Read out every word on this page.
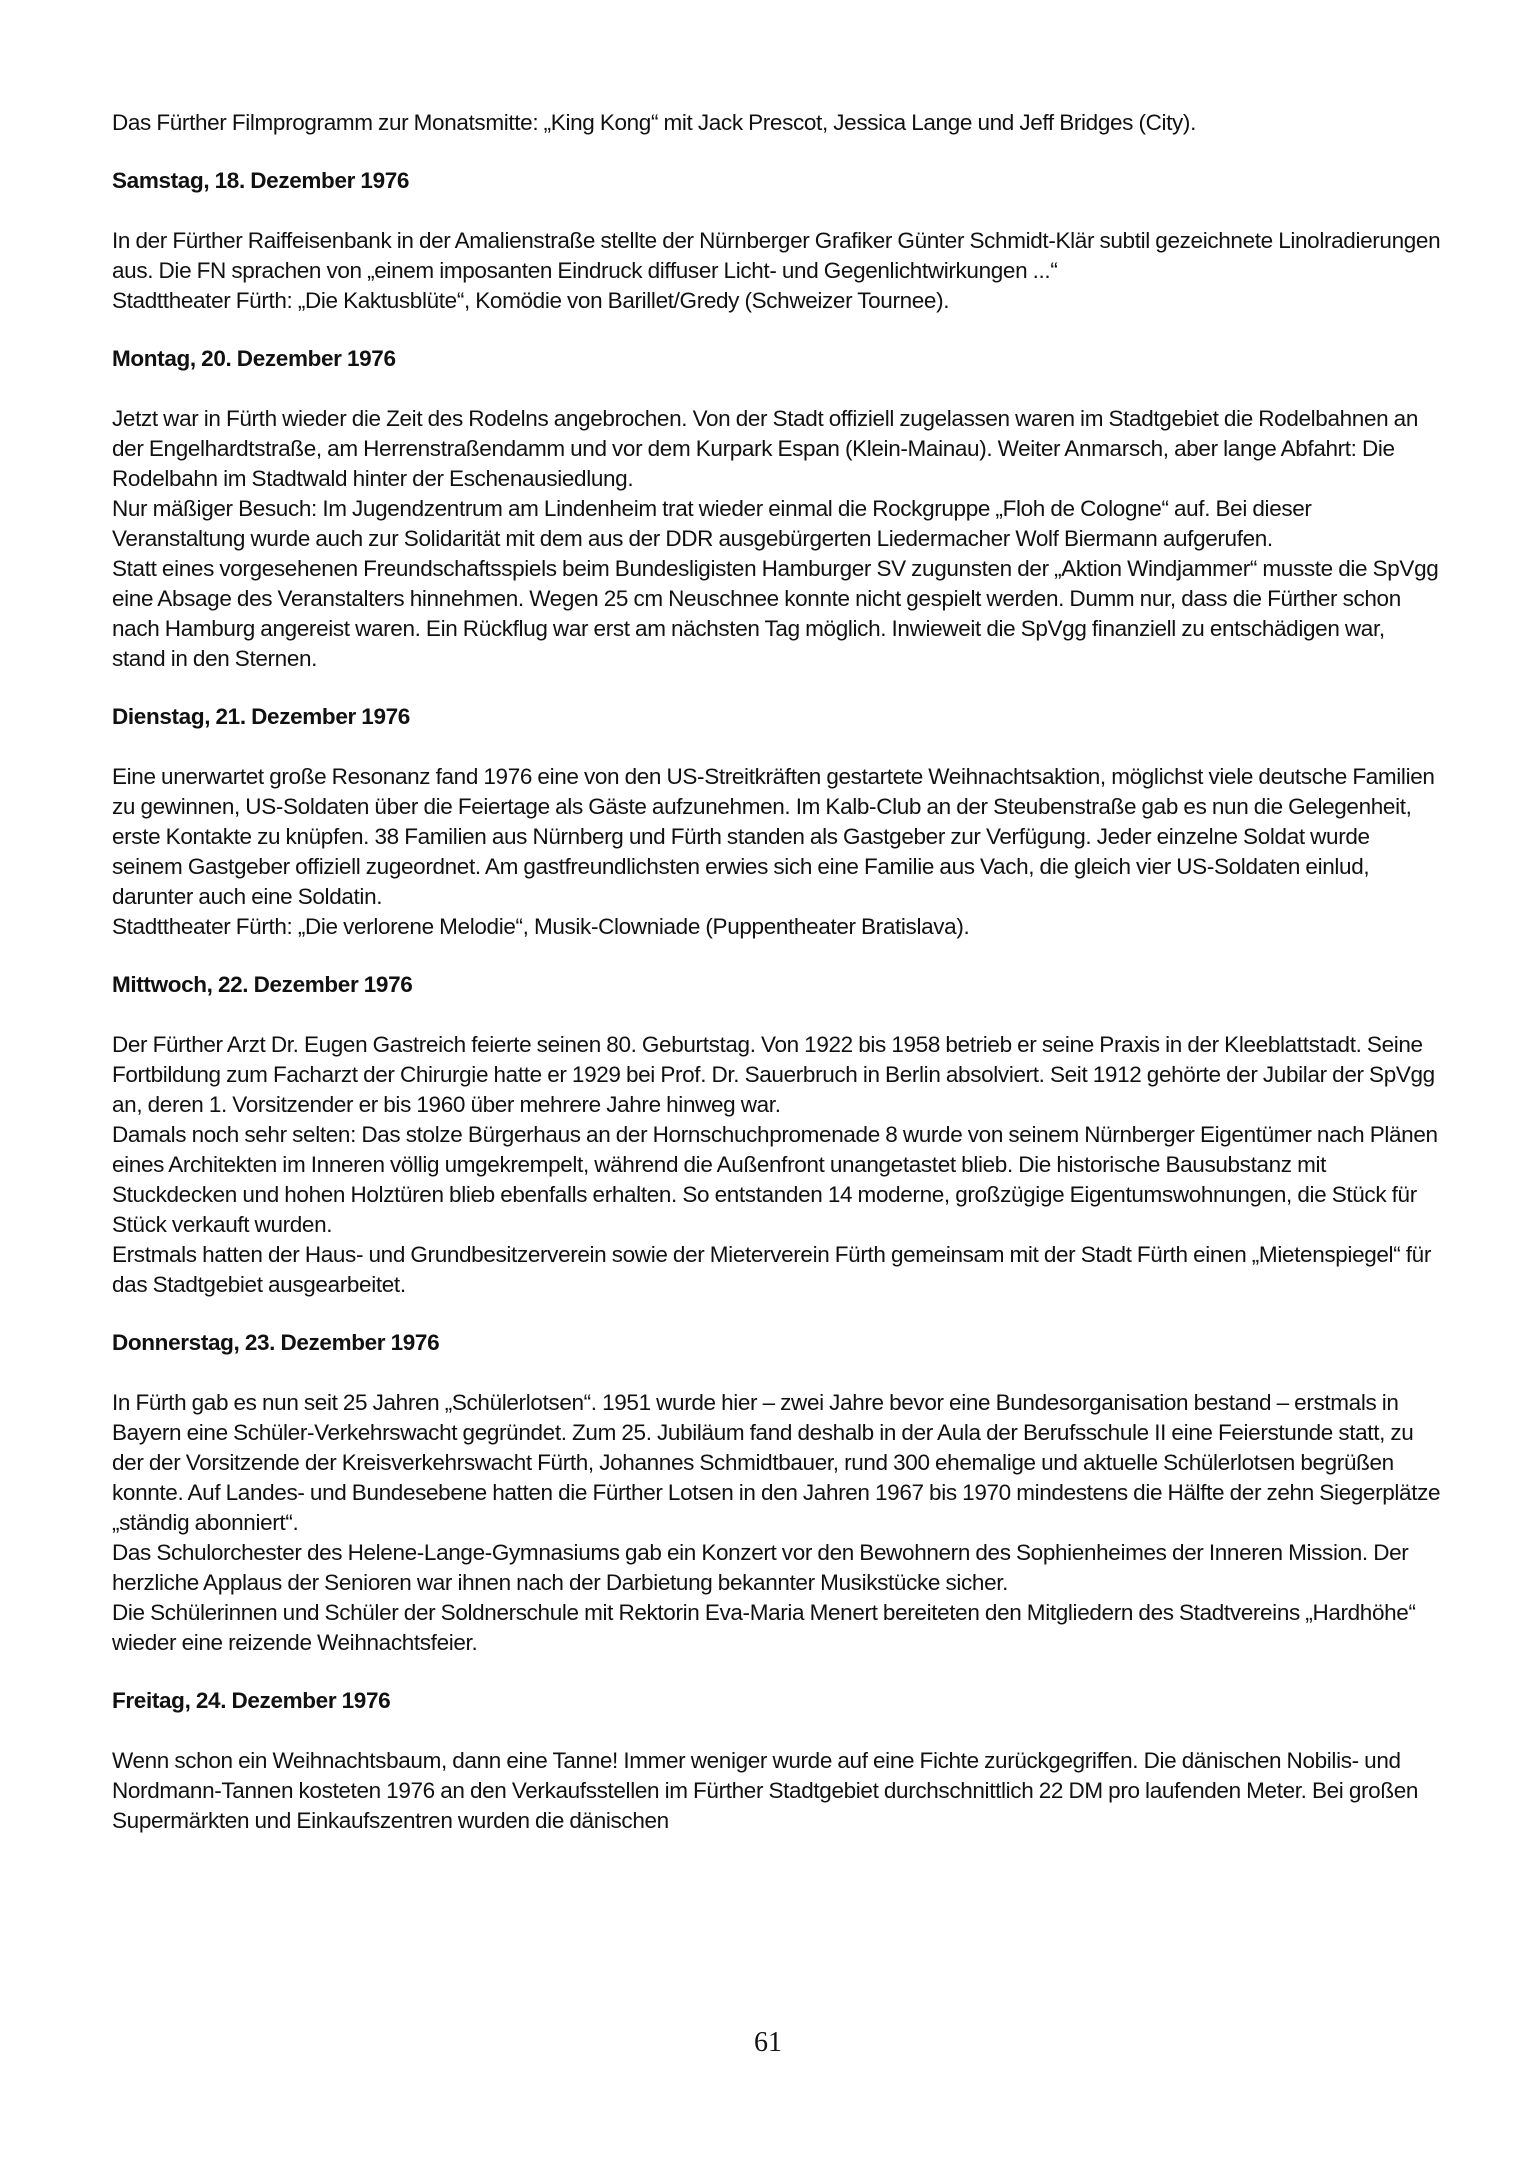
Das Fürther Filmprogramm zur Monatsmitte: „King Kong“ mit Jack Prescot, Jessica Lange und Jeff Bridges (City).

Samstag, 18. Dezember 1976

In der Fürther Raiffeisenbank in der Amalienstraße stellte der Nürnberger Grafiker Günter Schmidt-Klär subtil gezeichnete Linolradierungen aus. Die FN sprachen von „einem imposanten Eindruck diffuser Licht- und Gegenlichtwirkungen ...“

Stadttheater Fürth: „Die Kaktusblüte“, Komödie von Barillet/Gredy (Schweizer Tournee).

Montag, 20. Dezember 1976

Jetzt war in Fürth wieder die Zeit des Rodelns angebrochen. Von der Stadt offiziell zugelassen waren im Stadtgebiet die Rodelbahnen an der Engelhardtstraße, am Herrenstraßendamm und vor dem Kurpark Espan (Klein-Mainau). Weiter Anmarsch, aber lange Abfahrt: Die Rodelbahn im Stadtwald hinter der Eschenausiedlung.

Nur mäßiger Besuch: Im Jugendzentrum am Lindenheim trat wieder einmal die Rockgruppe „Floh de Cologne“ auf. Bei dieser Veranstaltung wurde auch zur Solidarität mit dem aus der DDR ausgebürgerten Liedermacher Wolf Biermann aufgerufen.

Statt eines vorgesehenen Freundschaftsspiels beim Bundesligisten Hamburger SV zugunsten der „Aktion Windjammer“ musste die SpVgg eine Absage des Veranstalters hinnehmen. Wegen 25 cm Neuschnee konnte nicht gespielt werden. Dumm nur, dass die Fürther schon nach Hamburg angereist waren. Ein Rückflug war erst am nächsten Tag möglich. Inwieweit die SpVgg finanziell zu entschädigen war, stand in den Sternen.

Dienstag, 21. Dezember 1976

Eine unerwartet große Resonanz fand 1976 eine von den US-Streitkräften gestartete Weihnachtsaktion, möglichst viele deutsche Familien zu gewinnen, US-Soldaten über die Feiertage als Gäste aufzunehmen. Im Kalb-Club an der Steubenstraße gab es nun die Gelegenheit, erste Kontakte zu knüpfen. 38 Familien aus Nürnberg und Fürth standen als Gastgeber zur Verfügung. Jeder einzelne Soldat wurde seinem Gastgeber offiziell zugeordnet. Am gastfreundlichsten erwies sich eine Familie aus Vach, die gleich vier US-Soldaten einlud, darunter auch eine Soldatin.

Stadttheater Fürth: „Die verlorene Melodie“, Musik-Clowniade (Puppentheater Bratislava).

Mittwoch, 22. Dezember 1976

Der Fürther Arzt Dr. Eugen Gastreich feierte seinen 80. Geburtstag. Von 1922 bis 1958 betrieb er seine Praxis in der Kleeblattstadt. Seine Fortbildung zum Facharzt der Chirurgie hatte er 1929 bei Prof. Dr. Sauerbruch in Berlin absolviert. Seit 1912 gehörte der Jubilar der SpVgg an, deren 1. Vorsitzender er bis 1960 über mehrere Jahre hinweg war.

Damals noch sehr selten: Das stolze Bürgerhaus an der Hornschuchpromenade 8 wurde von seinem Nürnberger Eigentümer nach Plänen eines Architekten im Inneren völlig umgekrempelt, während die Außenfront unangetastet blieb. Die historische Bausubstanz mit Stuckdecken und hohen Holztüren blieb ebenfalls erhalten. So entstanden 14 moderne, großzügige Eigentumswohnungen, die Stück für Stück verkauft wurden.

Erstmals hatten der Haus- und Grundbesitzerverein sowie der Mieterverein Fürth gemeinsam mit der Stadt Fürth einen „Mietenspiegel“ für das Stadtgebiet ausgearbeitet.

Donnerstag, 23. Dezember 1976

In Fürth gab es nun seit 25 Jahren „Schülerlotsen“. 1951 wurde hier – zwei Jahre bevor eine Bundesorganisation bestand – erstmals in Bayern eine Schüler-Verkehrswacht gegründet. Zum 25. Jubiläum fand deshalb in der Aula der Berufsschule II eine Feierstunde statt, zu der der Vorsitzende der Kreisverkehrswacht Fürth, Johannes Schmidtbauer, rund 300 ehemalige und aktuelle Schülerlotsen begrüßen konnte. Auf Landes- und Bundesebene hatten die Fürther Lotsen in den Jahren 1967 bis 1970 mindestens die Hälfte der zehn Siegerplätze „ständig abonniert“.

Das Schulorchester des Helene-Lange-Gymnasiums gab ein Konzert vor den Bewohnern des Sophienheimes der Inneren Mission. Der herzliche Applaus der Senioren war ihnen nach der Darbietung bekannter Musikstücke sicher.

Die Schülerinnen und Schüler der Soldnerschule mit Rektorin Eva-Maria Menert bereiteten den Mitgliedern des Stadtvereins „Hardhöhe“ wieder eine reizende Weihnachtsfeier.

Freitag, 24. Dezember 1976

Wenn schon ein Weihnachtsbaum, dann eine Tanne! Immer weniger wurde auf eine Fichte zurückgegriffen. Die dänischen Nobilis- und Nordmann-Tannen kosteten 1976 an den Verkaufsstellen im Fürther Stadtgebiet durchschnittlich 22 DM pro laufenden Meter. Bei großen Supermärkten und Einkaufszentren wurden die dänischen

61
